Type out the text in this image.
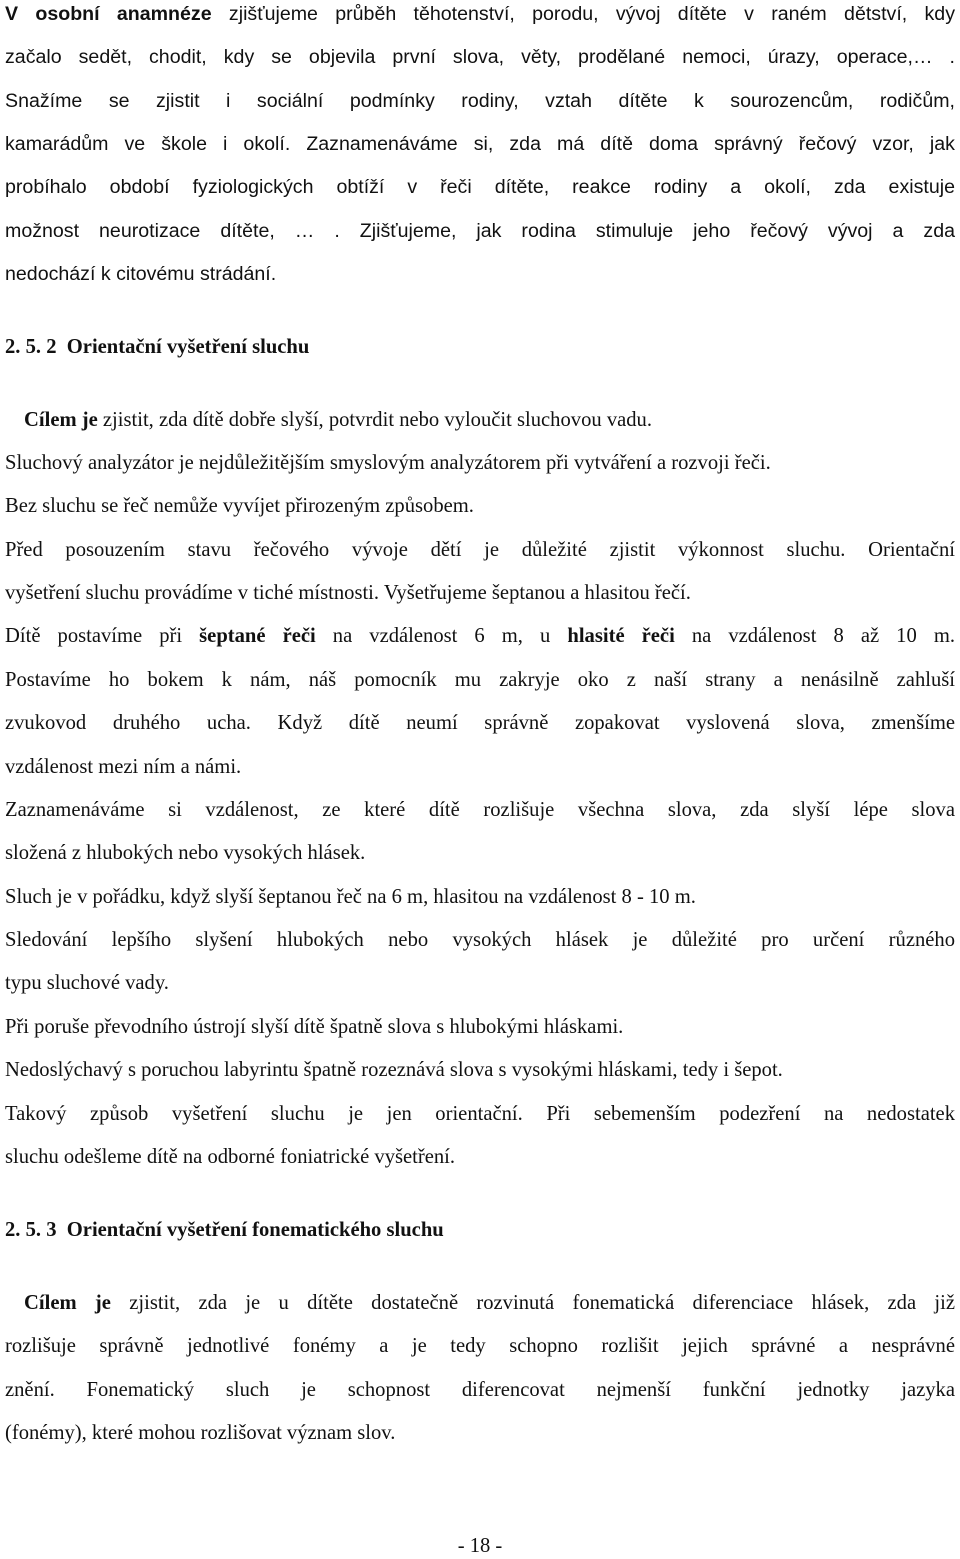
V osobní anamnéze zjišťujeme průběh těhotenství, porodu, vývoj dítěte v raném dětství, kdy
začalo sedět, chodit, kdy se objevila první slova, věty, prodělané nemoci, úrazy, operace,… .
Snažíme se zjistit i sociální podmínky rodiny, vztah dítěte k sourozencům, rodičům,
kamarádům ve škole i okolí. Zaznamenáváme si, zda má dítě doma správný řečový vzor, jak
probíhalo období fyziologických obtíží v řeči dítěte, reakce rodiny a okolí, zda existuje
možnost neurotizace dítěte, … . Zjišťujeme, jak rodina stimuluje jeho řečový vývoj a zda
nedochází k citovému strádání.
2. 5. 2  Orientační vyšetření sluchu
Cílem je zjistit, zda dítě dobře slyší, potvrdit nebo vyloučit sluchovou vadu.
Sluchový analyzátor je nejdůležitějším smyslovým analyzátorem při vytváření a rozvoji řeči.
Bez sluchu se řeč nemůže vyvíjet přirozeným způsobem.
Před posouzením stavu řečového vývoje dětí je důležité zjistit výkonnost sluchu. Orientační
vyšetření sluchu provádíme v tiché místnosti. Vyšetřujeme šeptanou a hlasitou řečí.
Dítě postavíme při šeptané řeči na vzdálenost 6 m, u hlasité řeči na vzdálenost 8 až 10 m.
Postavíme ho bokem k nám, náš pomocník mu zakryje oko z naší strany a nenásilně zahluší
zvukovod druhého ucha. Když dítě neumí správně zopakovat vyslovená slova, zmenšíme
vzdálenost mezi ním a námi.
Zaznamenáváme si vzdálenost, ze které dítě rozlišuje všechna slova, zda slyší lépe slova
složená z hlubokých nebo vysokých hlásek.
Sluch je v pořádku, když slyší šeptanou řeč na 6 m, hlasitou na vzdálenost 8 - 10 m.
Sledování lepšího slyšení hlubokých nebo vysokých hlásek je důležité pro určení různého
typu sluchové vady.
Při poruše převodního ústrojí slyší dítě špatně slova s hlubokými hláskami.
Nedoslýchavý s poruchou labyrintu špatně rozeznává slova s vysokými hláskami, tedy i šepot.
Takový způsob vyšetření sluchu je jen orientační. Při sebemenším podezření na nedostatek
sluchu odešleme dítě na odborné foniatrické vyšetření.
2. 5. 3  Orientační vyšetření fonematického sluchu
Cílem je zjistit, zda je u dítěte dostatečně rozvinutá fonematická diferenciace hlásek, zda již
rozlišuje správně jednotlivé fonémy a je tedy schopno rozlišit jejich správné a nesprávné
znění. Fonematický sluch je schopnost diferencovat nejmenší funkční jednotky jazyka
(fonémy), které mohou rozlišovat význam slov.
- 18 -
